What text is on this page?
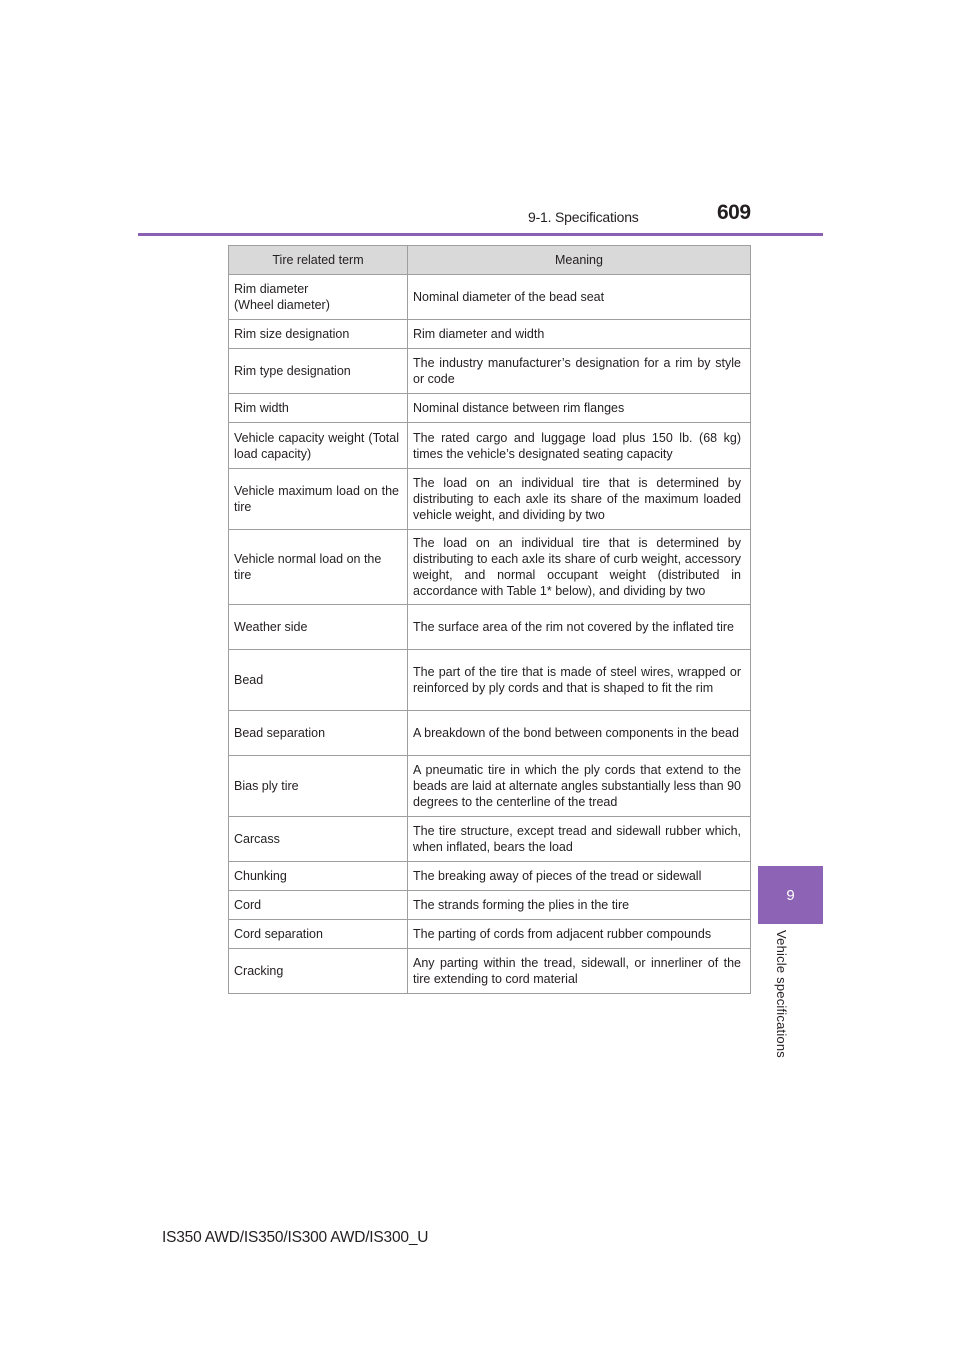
9-1. Specifications	609
9
Vehicle specifications
Tire related term	Meaning
Rim diameter
(Wheel diameter)	Nominal diameter of the bead seat
Rim size designation	Rim diameter and width
Rim type designation	The industry manufacturer’s designation for a rim by style or code
Rim width	Nominal distance between rim flanges
Vehicle capacity weight (Total load capacity)	The rated cargo and luggage load plus 150 lb. (68 kg) times the vehicle’s designated seating capacity
Vehicle maximum load on the tire	The load on an individual tire that is determined by distributing to each axle its share of the maximum loaded vehicle weight, and dividing by two
Vehicle normal load on the tire	The load on an individual tire that is determined by distributing to each axle its share of curb weight, accessory weight, and normal occupant weight (distributed in accordance with Table 1* below), and dividing by two
Weather side	The surface area of the rim not covered by the inflated tire
Bead	The part of the tire that is made of steel wires, wrapped or reinforced by ply cords and that is shaped to fit the rim
Bead separation	A breakdown of the bond between components in the bead
Bias ply tire	A pneumatic tire in which the ply cords that extend to the beads are laid at alternate angles substantially less than 90 degrees to the centerline of the tread
Carcass	The tire structure, except tread and sidewall rubber which, when inflated, bears the load
Chunking	The breaking away of pieces of the tread or sidewall
Cord	The strands forming the plies in the tire
Cord separation	The parting of cords from adjacent rubber compounds
Cracking	Any parting within the tread, sidewall, or innerliner of the tire extending to cord material
IS350 AWD/IS350/IS300 AWD/IS300_U
